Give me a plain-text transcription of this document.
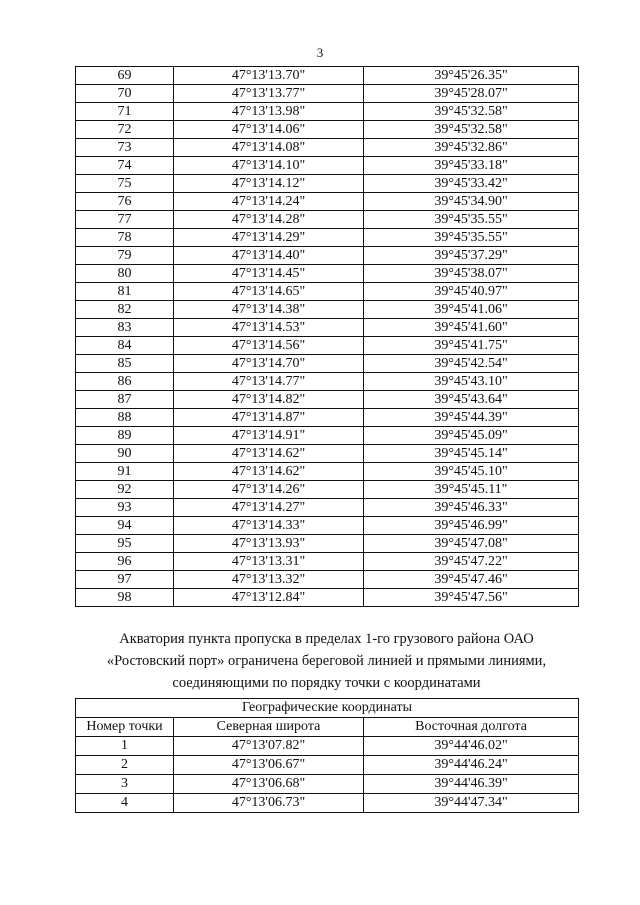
3
69	47°13'13.70"	39°45'26.35"
70	47°13'13.77"	39°45'28.07"
71	47°13'13.98"	39°45'32.58"
72	47°13'14.06"	39°45'32.58"
73	47°13'14.08"	39°45'32.86"
74	47°13'14.10"	39°45'33.18"
75	47°13'14.12"	39°45'33.42"
76	47°13'14.24"	39°45'34.90"
77	47°13'14.28"	39°45'35.55"
78	47°13'14.29"	39°45'35.55"
79	47°13'14.40"	39°45'37.29"
80	47°13'14.45"	39°45'38.07"
81	47°13'14.65"	39°45'40.97"
82	47°13'14.38"	39°45'41.06"
83	47°13'14.53"	39°45'41.60"
84	47°13'14.56"	39°45'41.75"
85	47°13'14.70"	39°45'42.54"
86	47°13'14.77"	39°45'43.10"
87	47°13'14.82"	39°45'43.64"
88	47°13'14.87"	39°45'44.39"
89	47°13'14.91"	39°45'45.09"
90	47°13'14.62"	39°45'45.14"
91	47°13'14.62"	39°45'45.10"
92	47°13'14.26"	39°45'45.11"
93	47°13'14.27"	39°45'46.33"
94	47°13'14.33"	39°45'46.99"
95	47°13'13.93"	39°45'47.08"
96	47°13'13.31"	39°45'47.22"
97	47°13'13.32"	39°45'47.46"
98	47°13'12.84"	39°45'47.56"
Акватория пункта пропуска в пределах 1-го грузового района ОАО
«Ростовский порт» ограничена береговой линией и прямыми линиями,
соединяющими по порядку точки с координатами
Географические координаты		
Номер точки	Северная широта	Восточная долгота
1	47°13'07.82"	39°44'46.02"
2	47°13'06.67"	39°44'46.24"
3	47°13'06.68"	39°44'46.39"
4	47°13'06.73"	39°44'47.34"
